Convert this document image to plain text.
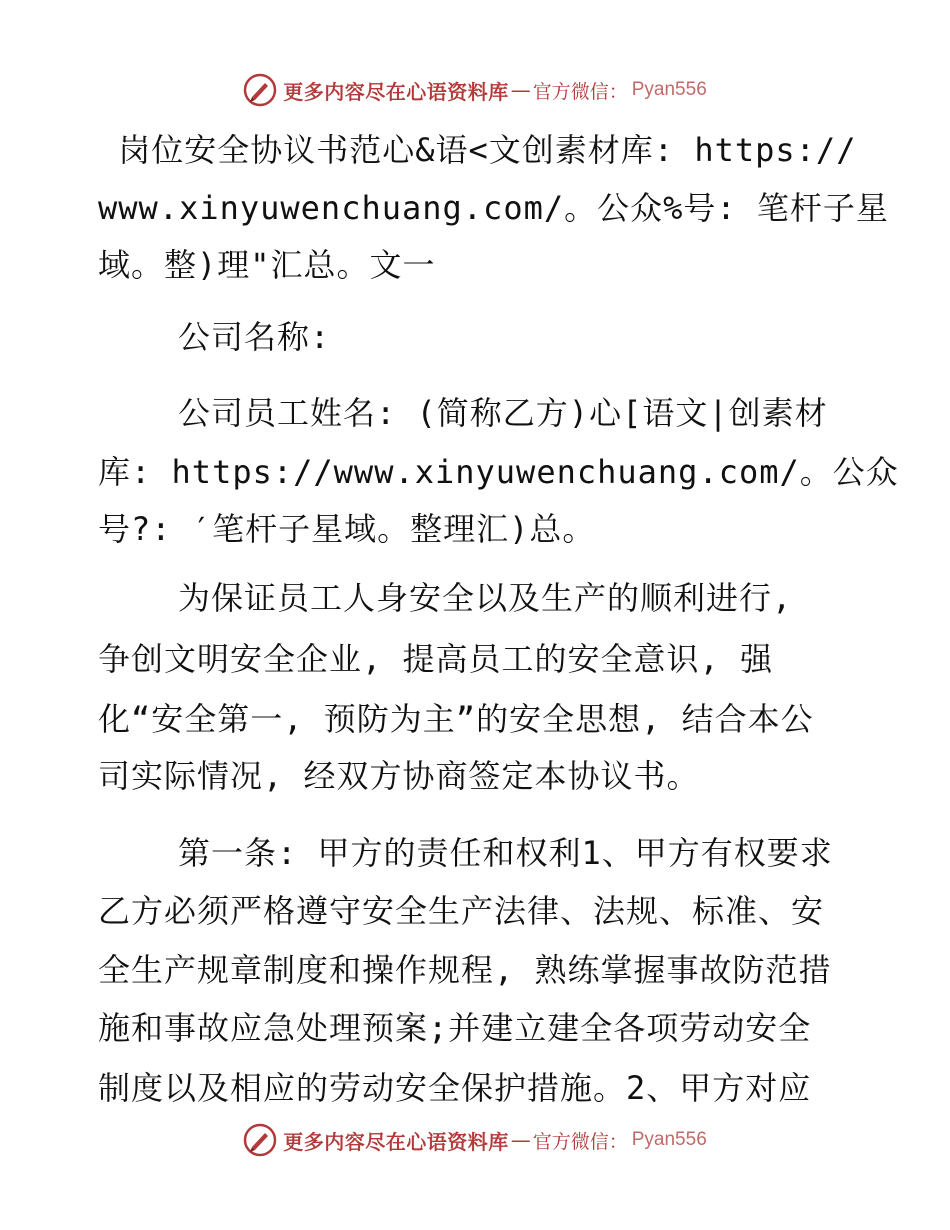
更多内容尽在心语资料库 — 官方微信 ： Pyan556
岗位安全协议书范心&语<文创素材库: https://
www.xinyuwenchuang.com/。公众%号: 笔杆子星
域。整)理"汇总。文一
公司名称:
公司员工姓名: (简称乙方)心[语文|创素材
库: https://www.xinyuwenchuang.com/。公众
号?: ′笔杆子星域。整理汇)总。
为保证员工人身安全以及生产的顺利进行,
争创文明安全企业, 提高员工的安全意识, 强
化“安全第一, 预防为主”的安全思想, 结合本公
司实际情况, 经双方协商签定本协议书。
第一条: 甲方的责任和权利1、甲方有权要求
乙方必须严格遵守安全生产法律、法规、标准、安
全生产规章制度和操作规程, 熟练掌握事故防范措
施和事故应急处理预案;并建立建全各项劳动安全
制度以及相应的劳动安全保护措施。2、甲方对应
更多内容尽在心语资料库 — 官方微信 ： Pyan556
